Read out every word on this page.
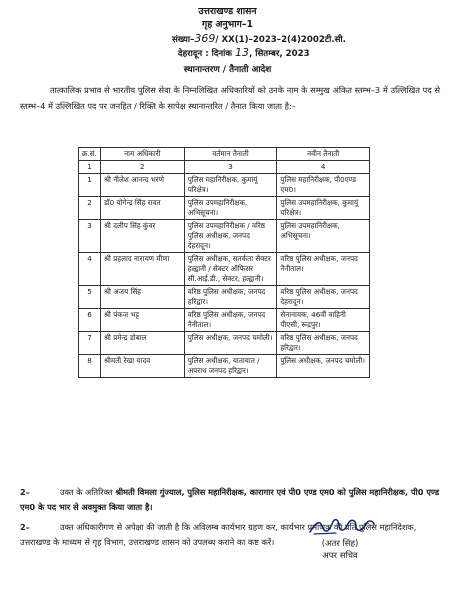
उत्तराखण्ड शासन
गृह अनुभाग–1
संख्या–369/ XX(1)–2023–2(4)2002टी.सी.
देहरादून : दिनांक 13, सितम्बर, 2023
स्थानान्तरण / तैनाती आदेश
तात्कालिक प्रभाव से भारतीय पुलिस सेवा के निम्नलिखित अधिकारियों को उनके नाम के सम्मुख अंकित स्तम्भ–3 में उल्लिखित पद से स्तम्भ–4 में उल्लिखित पद पर जनहित / रिक्ति के सापेक्ष स्थानान्तरित / तैनात किया जाता है:–
क्र.सं.	नाम अधिकारी	वर्तमान तैनाती	नवीन तैनाती
1	2	3	4
1	श्री नीलेश आनन्द भरणे	पुलिस महानिरीक्षक, कुमायूं परिक्षेत्र।	पुलिस महानिरीक्षक, पी0एण्ड एम0।
2	डॉ0 योगेन्द्र सिंह रावत	पुलिस उपमहानिरीक्षक, अभिसूचना।	पुलिस उपमहानिरीक्षक, कुमायूं परिक्षेत्र।
3	श्री दलीप सिंह कुंवर	पुलिस उपमहानिरीक्षक / वरिष्ठ पुलिस अधीक्षक, जनपद देहरादून।	पुलिस उपमहानिरीक्षक, अभिसूचना।
4	श्री प्रहलाद नारायण मीणा	पुलिस अधीक्षक, सतर्कता सेक्टर हल्द्वानी / सेक्टर ऑफिसर सी.आई.डी., सेक्टर, हल्द्वानी।	वरिष्ठ पुलिस अधीक्षक, जनपद नैनीताल।
5	श्री अजय सिंह	वरिष्ठ पुलिस अधीक्षक, जनपद हरिद्वार।	वरिष्ठ पुलिस अधीक्षक, जनपद देहरादून।
6	श्री पंकज भट्ट	वरिष्ठ पुलिस अधीक्षक, जनपद नैनीताल।	सेनानायक, 46वीं वाहिनी पीएसी, रूद्रपुर।
7	श्री प्रमेन्द्र डोबाल	पुलिस अधीक्षक, जनपद चमोली।	वरिष्ठ पुलिस अधीक्षक, जनपद हरिद्वार।
8	श्रीमती रेखा यादव	पुलिस अधीक्षक, यातायात / अपराध जनपद हरिद्वार।	पुलिस अधीक्षक, जनपद चमोली।
2–	उक्त के अतिरिक्त श्रीमती विमला गुंज्याल, पुलिस महानिरीक्षक, कारागार एवं पी0 एण्ड एम0 को पुलिस महानिरीक्षक, पी0 एण्ड एम0 के पद भार से अवमुक्त किया जाता है।
2–	उक्त अधिकारीगण से अपेक्षा की जाती है कि अविलम्ब कार्यभार ग्रहण कर, कार्यभार प्रमाणक की प्रति पुलिस महानिदेशक, उत्तराखण्ड के माध्यम से गृह विभाग, उत्तराखण्ड शासन को उपलब्ध कराने का कष्ट करें।	(अतर सिंह)
अपर सचिव
